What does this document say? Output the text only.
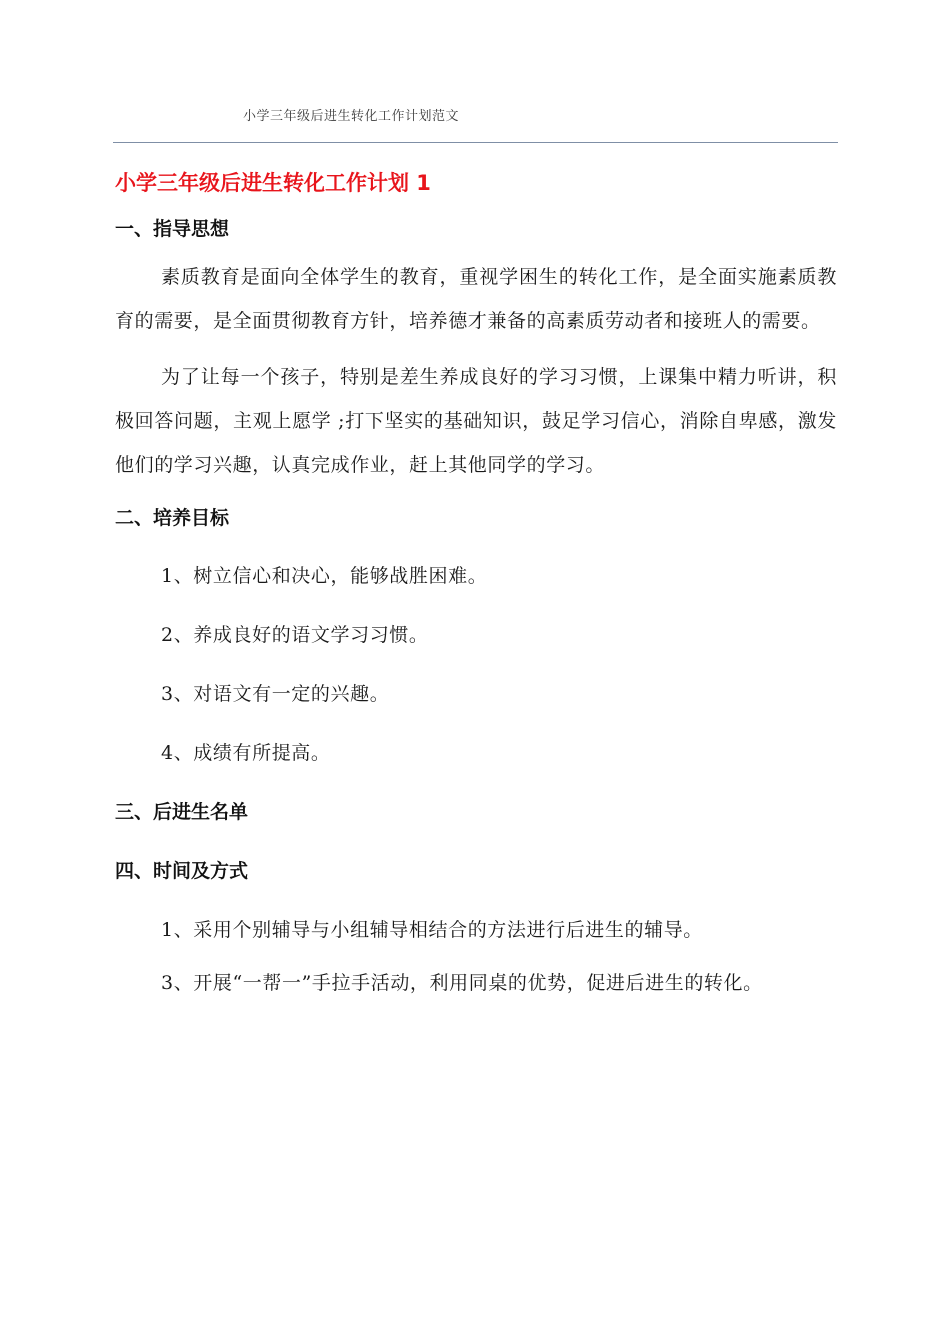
小学三年级后进生转化工作计划范文
小学三年级后进生转化工作计划 1
一、指导思想

素质教育是面向全体学生的教育，重视学困生的转化工作，是全面实施素质教育的需要，是全面贯彻教育方针，培养德才兼备的高素质劳动者和接班人的需要。

为了让每一个孩子，特别是差生养成良好的学习习惯，上课集中精力听讲，积极回答问题，主观上愿学 ;打下坚实的基础知识，鼓足学习信心，消除自卑感，激发他们的学习兴趣，认真完成作业，赶上其他同学的学习。

二、培养目标

1、树立信心和决心，能够战胜困难。

2、养成良好的语文学习习惯。

3、对语文有一定的兴趣。

4、成绩有所提高。

三、后进生名单
四、时间及方式

1、采用个别辅导与小组辅导相结合的方法进行后进生的辅导。

3、开展“一帮一”手拉手活动，利用同桌的优势，促进后进生的转化。
